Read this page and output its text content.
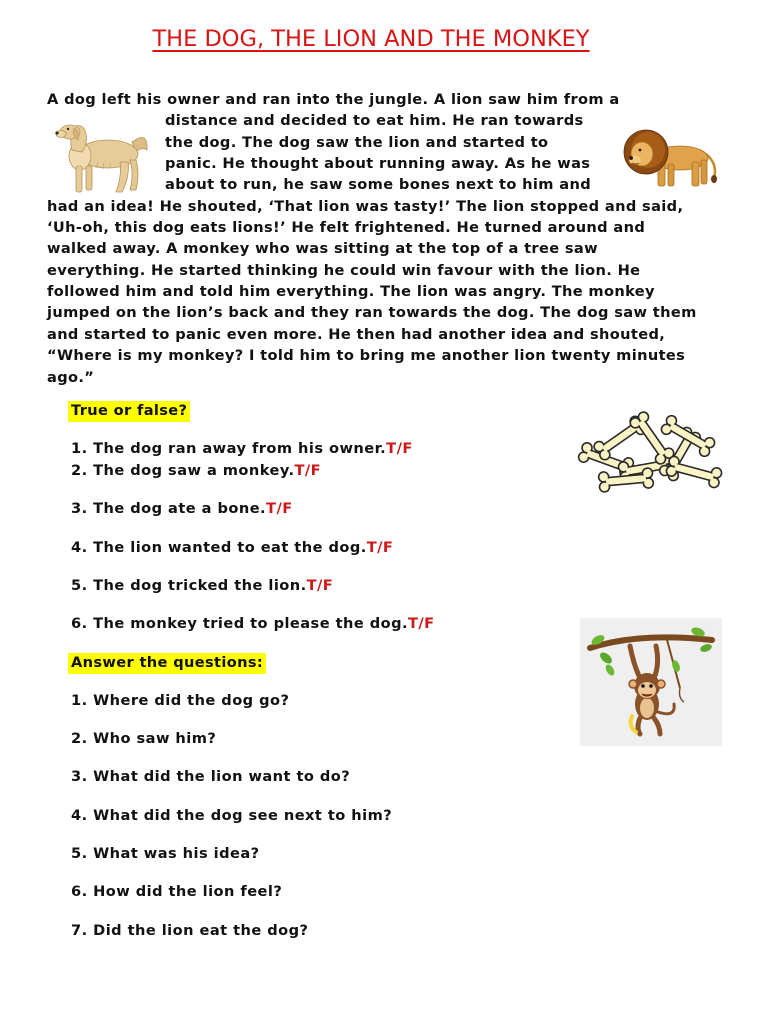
THE DOG, THE LION AND THE MONKEY
A dog left his owner and ran into the jungle. A lion saw him from a
distance and decided to eat him. He ran towards
the dog. The dog saw the lion and started to
panic. He thought about running away. As he was
about to run, he saw some bones next to him and
had an idea! He shouted, ‘That lion was tasty!’ The lion stopped and said,
‘Uh-oh, this dog eats lions!’ He felt frightened. He turned around and
walked away. A monkey who was sitting at the top of a tree saw
everything. He started thinking he could win favour with the lion. He
followed him and told him everything. The lion was angry. The monkey
jumped on the lion’s back and they ran towards the dog. The dog saw them
and started to panic even more. He then had another idea and shouted,
“Where is my monkey? I told him to bring me another lion twenty minutes
ago.”
True or false?
1. The dog ran away from his owner.T/F
2. The dog saw a monkey.T/F
3. The dog ate a bone.T/F
4. The lion wanted to eat the dog.T/F
5. The dog tricked the lion.T/F
6. The monkey tried to please the dog.T/F
Answer the questions:
1. Where did the dog go?
2. Who saw him?
3. What did the lion want to do?
4. What did the dog see next to him?
5. What was his idea?
6. How did the lion feel?
7. Did the lion eat the dog?
